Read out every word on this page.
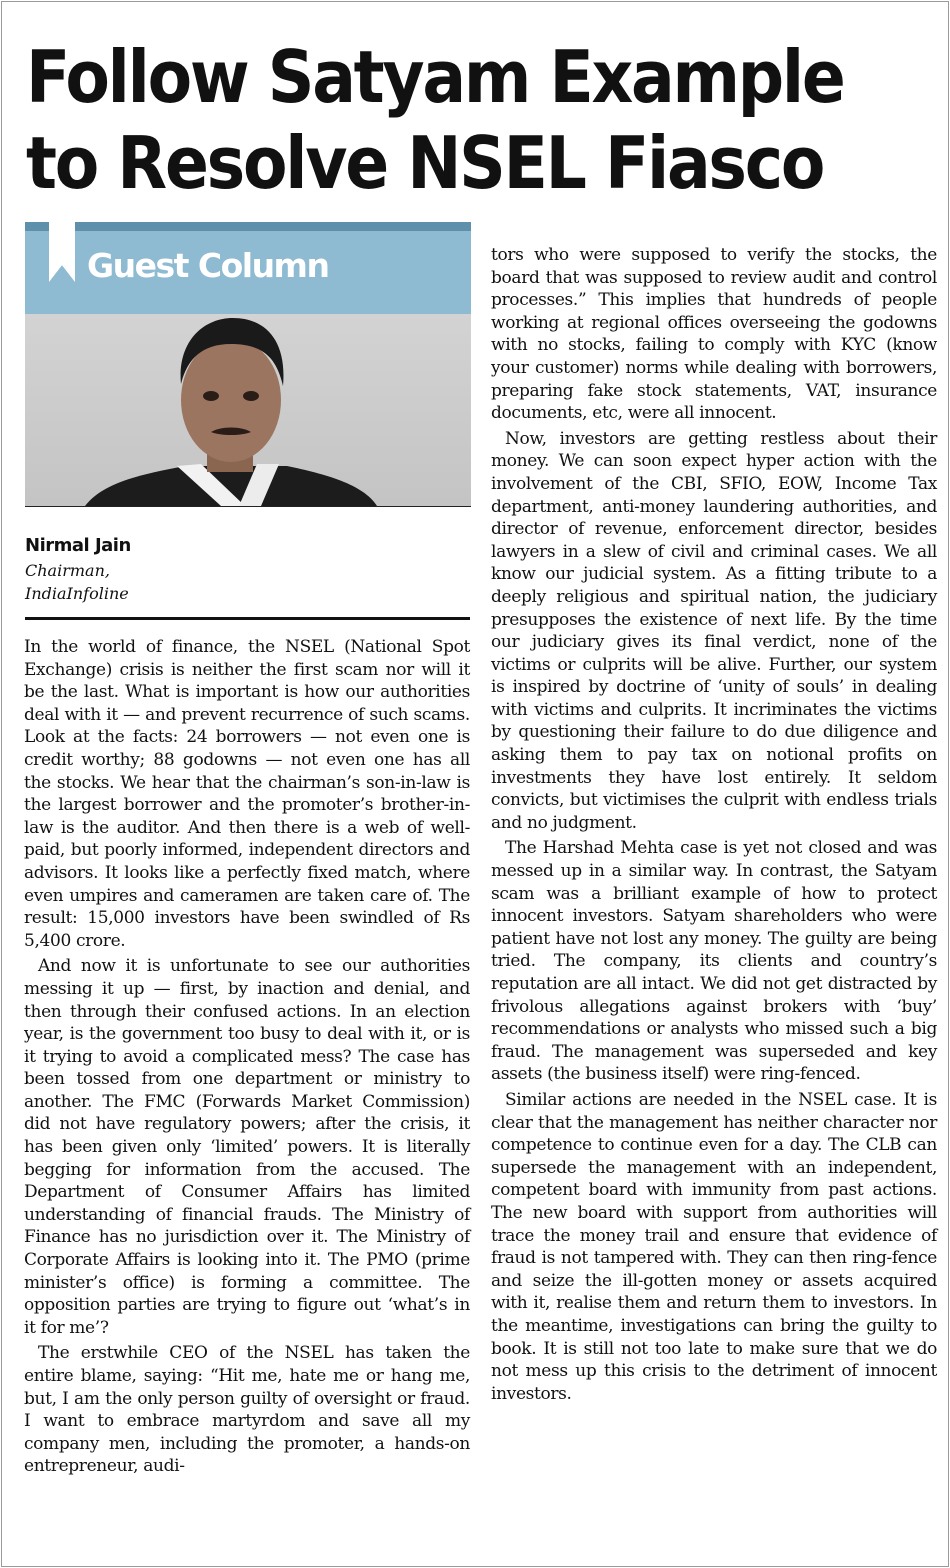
Follow Satyam Example
to Resolve NSEL Fiasco
Guest Column
Nirmal Jain
Chairman,
IndiaInfoline

In the world of finance, the NSEL (National Spot Exchange) crisis is neither the first scam nor will it be the last. What is important is how our authorities deal with it — and prevent recurrence of such scams. Look at the facts: 24 borrowers — not even one is credit worthy; 88 godowns — not even one has all the stocks. We hear that the chairman’s son-in-law is the largest borrower and the promoter’s brother-in-law is the auditor. And then there is a web of well-paid, but poorly informed, independent directors and advisors. It looks like a perfectly fixed match, where even umpires and cameramen are taken care of. The result: 15,000 investors have been swindled of Rs 5,400 crore.

And now it is unfortunate to see our authorities messing it up — first, by inaction and denial, and then through their confused actions. In an election year, is the government too busy to deal with it, or is it trying to avoid a complicated mess? The case has been tossed from one department or ministry to another. The FMC (Forwards Market Commission) did not have regulatory powers; after the crisis, it has been given only ‘limited’ powers. It is literally begging for information from the accused. The Department of Consumer Affairs has limited understanding of financial frauds. The Ministry of Finance has no jurisdiction over it. The Ministry of Corporate Affairs is looking into it. The PMO (prime minister’s office) is forming a committee. The opposition parties are trying to figure out ‘what’s in it for me’?

The erstwhile CEO of the NSEL has taken the entire blame, saying: “Hit me, hate me or hang me, but, I am the only person guilty of oversight or fraud. I want to embrace martyrdom and save all my company men, including the promoter, a hands-on entrepreneur, audi-

tors who were supposed to verify the stocks, the board that was supposed to review audit and control processes.” This implies that hundreds of people working at regional offices overseeing the godowns with no stocks, failing to comply with KYC (know your customer) norms while dealing with borrowers, preparing fake stock statements, VAT, insurance documents, etc, were all innocent.

Now, investors are getting restless about their money. We can soon expect hyper action with the involvement of the CBI, SFIO, EOW, Income Tax department, anti-money laundering authorities, and director of revenue, enforcement director, besides lawyers in a slew of civil and criminal cases. We all know our judicial system. As a fitting tribute to a deeply religious and spiritual nation, the judiciary presupposes the existence of next life. By the time our judiciary gives its final verdict, none of the victims or culprits will be alive. Further, our system is inspired by doctrine of ‘unity of souls’ in dealing with victims and culprits. It incriminates the victims by questioning their failure to do due diligence and asking them to pay tax on notional profits on investments they have lost entirely. It seldom convicts, but victimises the culprit with endless trials and no judgment.

The Harshad Mehta case is yet not closed and was messed up in a similar way. In contrast, the Satyam scam was a brilliant example of how to protect innocent investors. Satyam shareholders who were patient have not lost any money. The guilty are being tried. The company, its clients and country’s reputation are all intact. We did not get distracted by frivolous allegations against brokers with ‘buy’ recommendations or analysts who missed such a big fraud. The management was superseded and key assets (the business itself) were ring-fenced.

Similar actions are needed in the NSEL case. It is clear that the management has neither character nor competence to continue even for a day. The CLB can supersede the management with an independent, competent board with immunity from past actions. The new board with support from authorities will trace the money trail and ensure that evidence of fraud is not tampered with. They can then ring-fence and seize the ill-gotten money or assets acquired with it, realise them and return them to investors. In the meantime, investigations can bring the guilty to book. It is still not too late to make sure that we do not mess up this crisis to the detriment of innocent investors.
